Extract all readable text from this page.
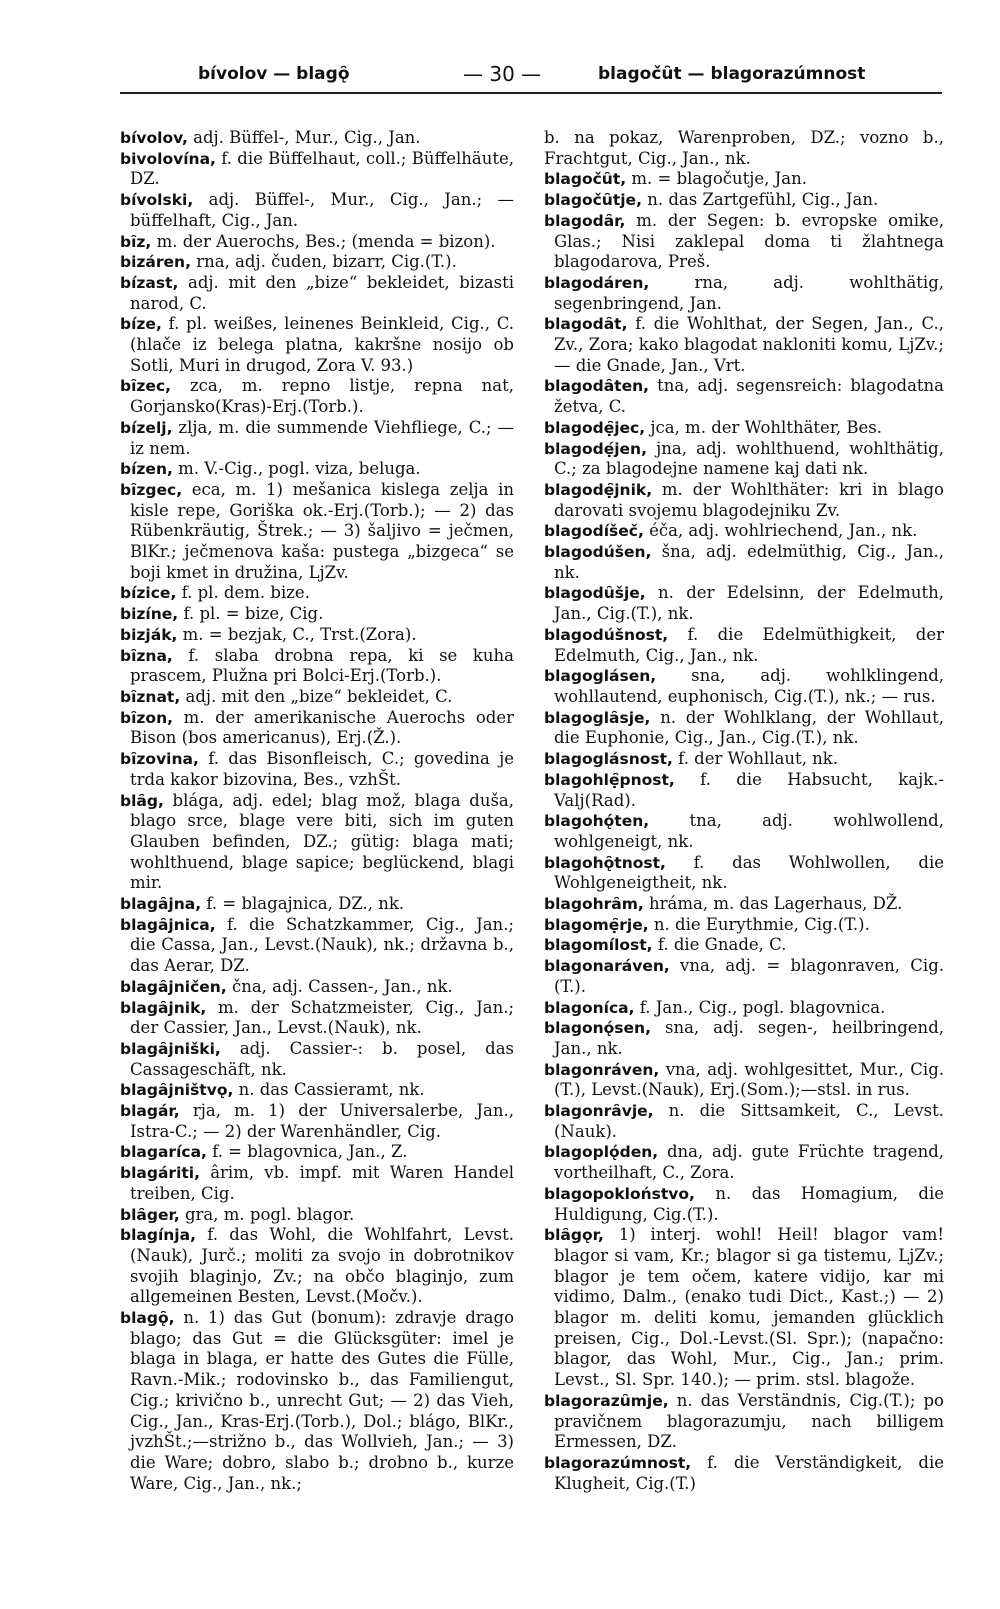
bívolov — blagǫ̑	— 30 —	blagočȗt — blagorazúmnost

bívolov, adj. Büffel-, Mur., Cig., Jan.

bivolovína, f. die Büffelhaut, coll.; Büffelhäute, DZ.

bívolski, adj. Büffel-, Mur., Cig., Jan.; — büffelhaft, Cig., Jan.

bȋz, m. der Auerochs, Bes.; (menda = bizon).

bizáren, rna, adj. čuden, bizarr, Cig.(T.).

bízast, adj. mit den „bize“ bekleidet, bizasti narod, C.

bíze, f. pl. weißes, leinenes Beinkleid, Cig., C. (hlače iz belega platna, kakršne nosijo ob Sotli, Muri in drugod, Zora V. 93.)

bȋzec, zca, m. repno listje, repna nat, Gorjansko(Kras)-Erj.(Torb.).

bízelj, zlja, m. die summende Viehfliege, C.; — iz nem.

bízen, m. V.-Cig., pogl. viza, beluga.

bȋzgec, eca, m. 1) mešanica kislega zelja in kisle repe, Goriška ok.-Erj.(Torb.); — 2) das Rübenkräutig, Štrek.; — 3) šaljivo = ječmen, BlKr.; ječmenova kaša: pustega „bizgeca“ se boji kmet in družina, LjZv.

bízice, f. pl. dem. bize.

bizíne, f. pl. = bize, Cig.

bizják, m. = bezjak, C., Trst.(Zora).

bȋzna, f. slaba drobna repa, ki se kuha prascem, Plužna pri Bolci-Erj.(Torb.).

bȋznat, adj. mit den „bize“ bekleidet, C.

bȋzon, m. der amerikanische Auerochs oder Bison (bos americanus), Erj.(Ž.).

bȋzovina, f. das Bisonfleisch, C.; govedina je trda kakor bizovina, Bes., vzhŠt.

blȃg, blága, adj. edel; blag mož, blaga duša, blago srce, blage vere biti, sich im guten Glauben befinden, DZ.; gütig: blaga mati; wohlthuend, blage sapice; beglückend, blagi mir.

blagȃjna, f. = blagajnica, DZ., nk.

blagȃjnica, f. die Schatzkammer, Cig., Jan.; die Cassa, Jan., Levst.(Nauk), nk.; državna b., das Aerar, DZ.

blagȃjničen, čna, adj. Cassen-, Jan., nk.

blagȃjnik, m. der Schatzmeister, Cig., Jan.; der Cassier, Jan., Levst.(Nauk), nk.

blagȃjniški, adj. Cassier-: b. posel, das Cassageschäft, nk.

blagȃjništvǫ, n. das Cassieramt, nk.

blagár, rja, m. 1) der Universalerbe, Jan., Istra-C.; — 2) der Warenhändler, Cig.

blagaríca, f. = blagovnica, Jan., Z.

blagáriti, ârim, vb. impf. mit Waren Handel treiben, Cig.

blȃger, gra, m. pogl. blagor.

blagínja, f. das Wohl, die Wohlfahrt, Levst.(Nauk), Jurč.; moliti za svojo in dobrotnikov svojih blaginjo, Zv.; na občo blaginjo, zum allgemeinen Besten, Levst.(Močv.).

blagǫ̑, n. 1) das Gut (bonum): zdravje drago blago; das Gut = die Glücksgüter: imel je blaga in blaga, er hatte des Gutes die Fülle, Ravn.-Mik.; rodovinsko b., das Familiengut, Cig.; krivično b., unrecht Gut; — 2) das Vieh, Cig., Jan., Kras-Erj.(Torb.), Dol.; blágo, BlKr., jvzhŠt.;—strižno b., das Wollvieh, Jan.; — 3) die Ware; dobro, slabo b.; drobno b., kurze Ware, Cig., Jan., nk.;

b. na pokaz, Warenproben, DZ.; vozno b., Frachtgut, Cig., Jan., nk.

blagočȗt, m. = blagočutje, Jan.

blagočȗtje, n. das Zartgefühl, Cig., Jan.

blagodȃr, m. der Segen: b. evropske omike, Glas.; Nisi zaklepal doma ti žlahtnega blagodarova, Preš.

blagodáren,	rna, adj. wohlthätig, segenbringend, Jan.

blagodȃt, f. die Wohlthat, der Segen, Jan., C., Zv., Zora; kako blagodat nakloniti komu, LjZv.; — die Gnade, Jan., Vrt.

blagodȃten, tna, adj. segensreich: blagodatna žetva, C.

blagodẹ̑jec, jca, m. der Wohlthäter, Bes.

blagodẹ́jen, jna, adj. wohlthuend, wohlthätig, C.; za blagodejne namene kaj dati nk.

blagodẹ̑jnik, m. der Wohlthäter: kri in blago darovati svojemu blagodejniku Zv.

blagodíšeč, éča, adj. wohlriechend, Jan., nk.

blagodúšen, šna, adj. edelmüthig, Cig., Jan., nk.

blagodȗšje, n. der Edelsinn, der Edelmuth, Jan., Cig.(T.), nk.

blagodúšnost, f. die Edelmüthigkeit, der Edelmuth, Cig., Jan., nk.

blagoglásen, sna, adj. wohlklingend, wohllautend, euphonisch, Cig.(T.), nk.; — rus.

blagoglȃsje, n. der Wohlklang, der Wohllaut, die Euphonie, Cig., Jan., Cig.(T.), nk.

blagoglásnost, f. der Wohllaut, nk.

blagohlẹ̑pnost, f. die Habsucht, kajk.-Valj(Rad).

blagohǫ́ten, tna, adj. wohlwollend, wohlgeneigt, nk.

blagohǫ̑tnost, f. das Wohlwollen, die Wohlgeneigtheit, nk.

blagohrȃm, hráma, m. das Lagerhaus, DŽ.

blagomẹ̑rje, n. die Eurythmie, Cig.(T.).

blagomílost, f. die Gnade, C.

blagonaráven, vna, adj. = blagonraven, Cig.(T.).

blagoníca, f. Jan., Cig., pogl. blagovnica.

blagonǫ́sen, sna, adj. segen-, heilbringend, Jan., nk.

blagonráven, vna, adj. wohlgesittet, Mur., Cig.(T.), Levst.(Nauk), Erj.(Som.);—stsl. in rus.

blagonrȃvje, n. die Sittsamkeit, C., Levst.(Nauk).

blagoplǫ́den, dna, adj. gute Früchte tragend, vortheilhaft, C., Zora.

blagopokloństvo, n. das Homagium, die Huldigung, Cig.(T.).

blȃgǫr, 1) interj. wohl! Heil! blagor vam! blagor si vam, Kr.; blagor si ga tistemu, LjZv.; blagor je tem očem, katere vidijo, kar mi vidimo, Dalm., (enako tudi Dict., Kast.;) — 2) blagor m. deliti komu, jemanden glücklich preisen, Cig., Dol.-Levst.(Sl. Spr.); (napačno: blagor, das Wohl, Mur., Cig., Jan.; prim. Levst., Sl. Spr. 140.); — prim. stsl. blagože.

blagorazȗmje, n. das Verständnis, Cig.(T.); po pravičnem blagorazumju, nach billigem Ermessen, DZ.

blagorazúmnost, f. die Verständigkeit, die Klugheit, Cig.(T.)
